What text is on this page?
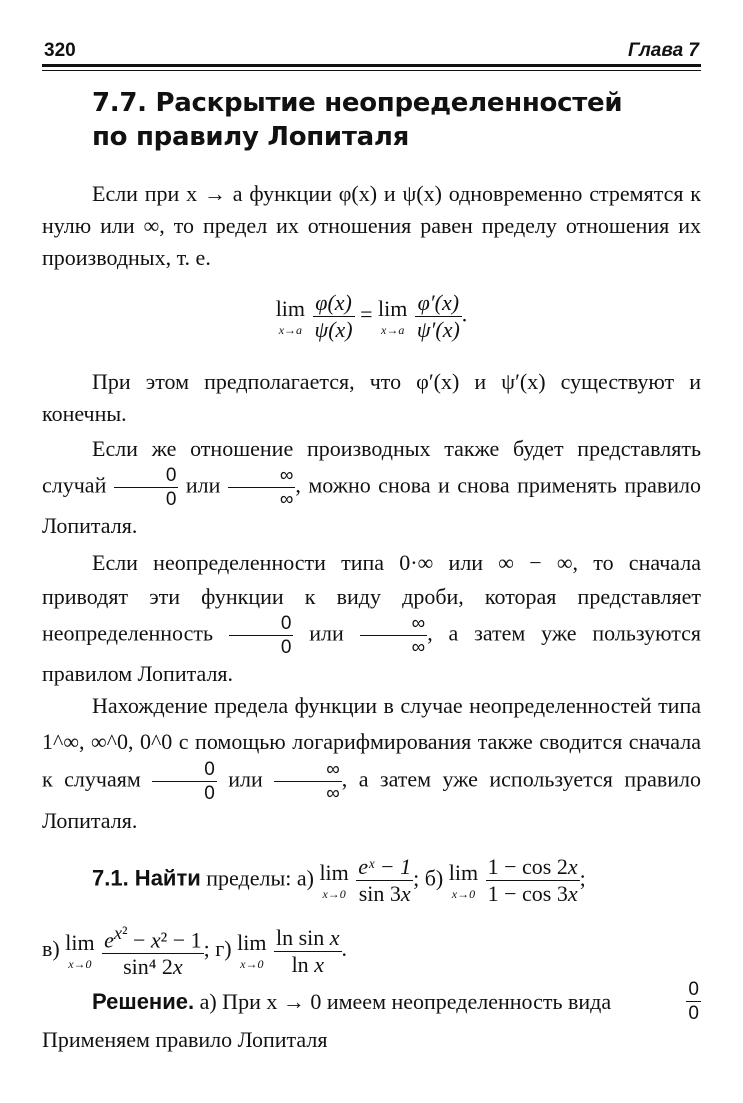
320	Глава 7
7.7. Раскрытие неопределенностей
по правилу Лопиталя
Если при x → a функции φ(x) и ψ(x) одновременно стремятся к нулю или ∞, то предел их отношения равен пределу отношения их производных, т. е.
lim
x→a
$\frac{\varphi(x)}{\psi(x)} = \lim$
x→a
$\frac{\varphi'(x)}{\psi'(x)}$ .
При этом предполагается, что φ′(x) и ψ′(x) существуют и конечны.
Если же отношение производных также будет представлять случай $\frac{0}{0}$ или $\frac{\infty}{\infty}$ , можно снова и снова применять правило Лопиталя.
Если неопределенности типа 0·∞ или ∞ − ∞, то сначала приводят эти функции к виду дроби, которая представляет неопределенность $\frac{0}{0}$ или $\frac{\infty}{\infty}$ , а затем уже пользуются правилом Лопиталя.
Нахождение предела функции в случае неопределенностей типа 1^∞, ∞^0, 0^0 с помощью логарифмирования также сводится сначала к случаям $\frac{0}{0}$ или $\frac{\infty}{\infty}$ , а затем уже используется правило Лопиталя.
7.1. Найти пределы: а) lim
x→0
$\frac{\text{eˣ − 1}}{\sin 3x}$ ; б) lim
x→0
$\frac{1 - \cos 2x}{1 - \cos 3x}$ ;
в) lim
x→0
$\frac{e^{x^2} - x^2 - 1}{\text{sin⁴ 2x}}$ ; г) lim
x→0
$\frac{\text{ln sin x}}{\text{ln x}}$ .
Решение. а) При x → 0 имеем неопределенность вида	$\frac{0}{0}$
Применяем правило Лопиталя
